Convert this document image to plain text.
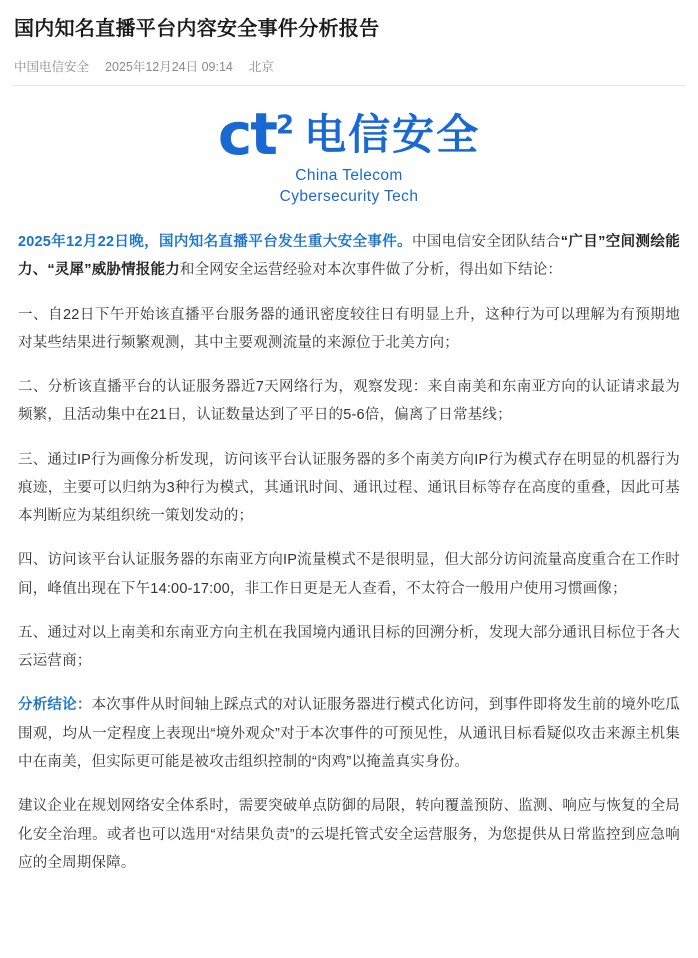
国内知名直播平台内容安全事件分析报告
中国电信安全 2025年12月24日 09:14 北京
$ct^2$ 电信安全
China Telecom
Cybersecurity Tech

2025年12月22日晚，国内知名直播平台发生重大安全事件。中国电信安全团队结合“广目”空间测绘能力、“灵犀”威胁情报能力和全网安全运营经验对本次事件做了分析，得出如下结论：

一、自22日下午开始该直播平台服务器的通讯密度较往日有明显上升，这种行为可以理解为有预期地对某些结果进行频繁观测，其中主要观测流量的来源位于北美方向；

二、分析该直播平台的认证服务器近7天网络行为，观察发现：来自南美和东南亚方向的认证请求最为频繁，且活动集中在21日，认证数量达到了平日的5-6倍，偏离了日常基线；

三、通过IP行为画像分析发现，访问该平台认证服务器的多个南美方向IP行为模式存在明显的机器行为痕迹，主要可以归纳为3种行为模式，其通讯时间、通讯过程、通讯目标等存在高度的重叠，因此可基本判断应为某组织统一策划发动的；

四、访问该平台认证服务器的东南亚方向IP流量模式不是很明显，但大部分访问流量高度重合在工作时间，峰值出现在下午14:00-17:00，非工作日更是无人查看，不太符合一般用户使用习惯画像；

五、通过对以上南美和东南亚方向主机在我国境内通讯目标的回溯分析，发现大部分通讯目标位于各大云运营商；

分析结论：本次事件从时间轴上踩点式的对认证服务器进行模式化访问，到事件即将发生前的境外吃瓜围观，均从一定程度上表现出“境外观众”对于本次事件的可预见性，从通讯目标看疑似攻击来源主机集中在南美，但实际更可能是被攻击组织控制的“肉鸡”以掩盖真实身份。

建议企业在规划网络安全体系时，需要突破单点防御的局限，转向覆盖预防、监测、响应与恢复的全局化安全治理。或者也可以选用“对结果负责”的云堤托管式安全运营服务，为您提供从日常监控到应急响应的全周期保障。
